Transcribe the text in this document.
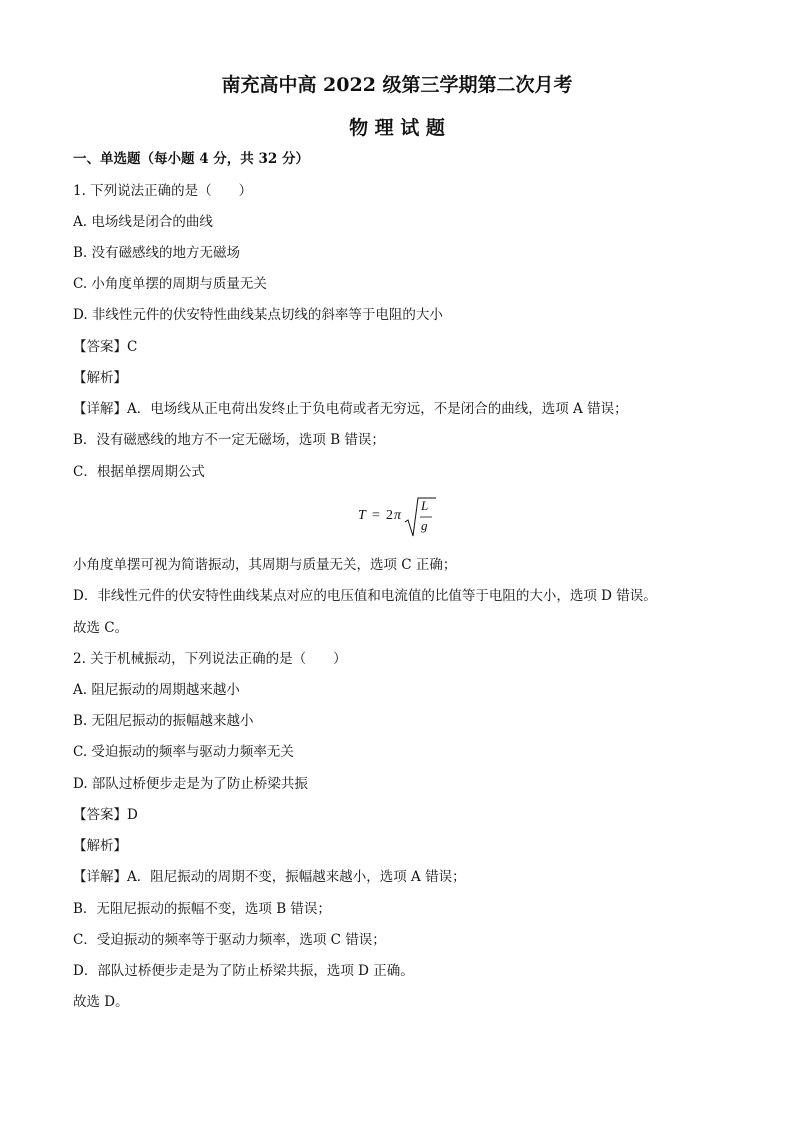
南充高中高 2022 级第三学期第二次月考
物 理 试 题
一、单选题（每小题 4 分，共 32 分）
1. 下列说法正确的是（　　）
A. 电场线是闭合的曲线
B. 没有磁感线的地方无磁场
C. 小角度单摆的周期与质量无关
D. 非线性元件的伏安特性曲线某点切线的斜率等于电阻的大小
【答案】C
【解析】
【详解】A．电场线从正电荷出发终止于负电荷或者无穷远，不是闭合的曲线，选项 A 错误；
B．没有磁感线的地方不一定无磁场，选项 B 错误；
C．根据单摆周期公式
T = 2 π
L
g
小角度单摆可视为简谐振动，其周期与质量无关，选项 C 正确；
D．非线性元件的伏安特性曲线某点对应的电压值和电流值的比值等于电阻的大小，选项 D 错误。
故选 C。
2. 关于机械振动，下列说法正确的是（　　）
A. 阻尼振动的周期越来越小
B. 无阻尼振动的振幅越来越小
C. 受迫振动的频率与驱动力频率无关
D. 部队过桥便步走是为了防止桥梁共振
【答案】D
【解析】
【详解】A．阻尼振动的周期不变，振幅越来越小，选项 A 错误；
B．无阻尼振动的振幅不变，选项 B 错误；
C．受迫振动的频率等于驱动力频率，选项 C 错误；
D．部队过桥便步走是为了防止桥梁共振，选项 D 正确。
故选 D。
